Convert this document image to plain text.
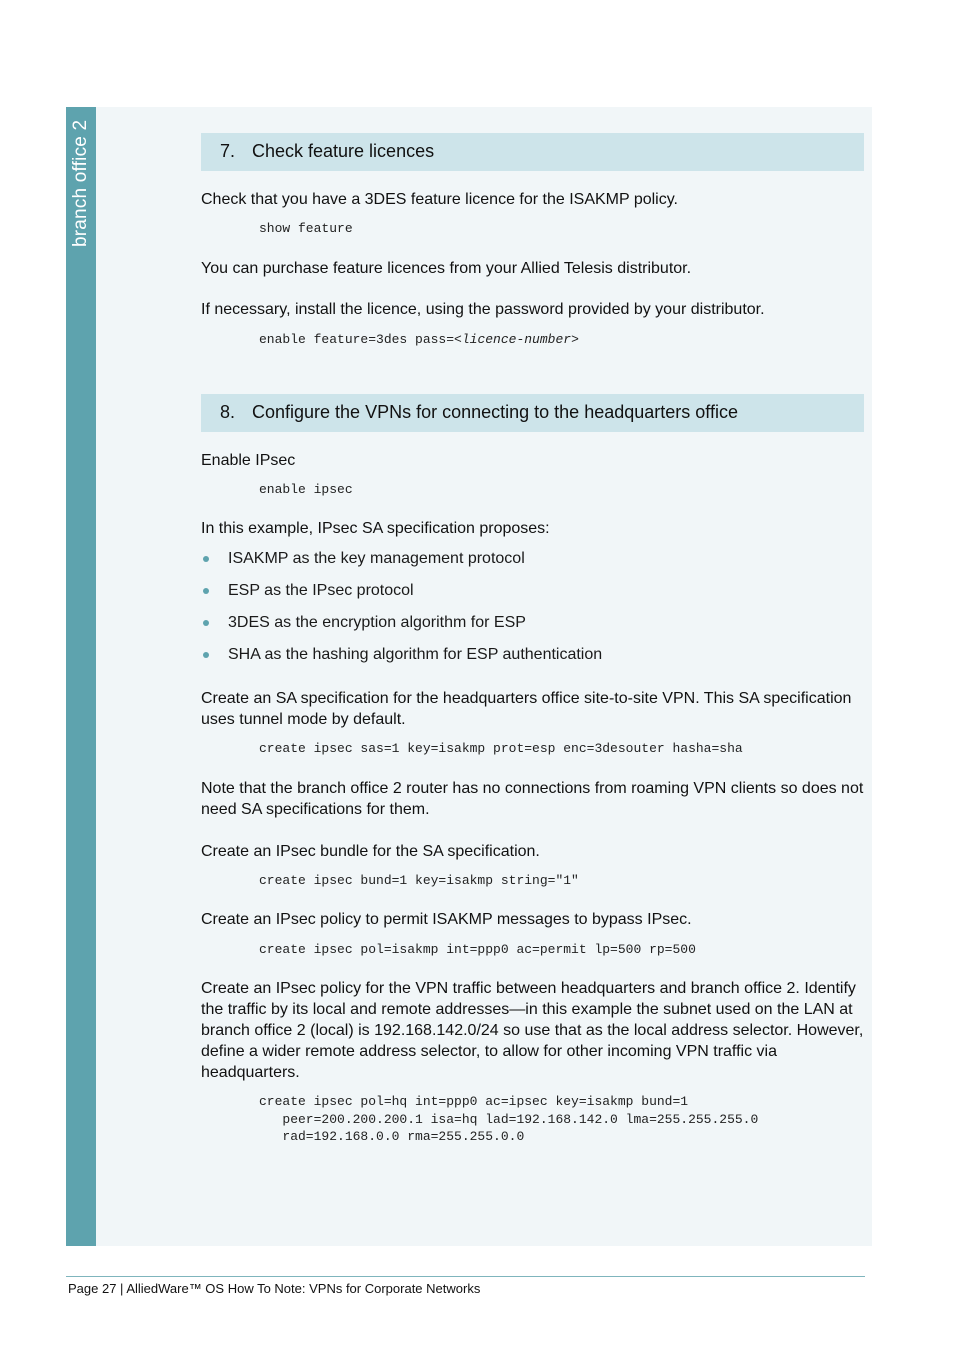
branch office 2	7. Check feature licences
Check that you have a 3DES feature licence for the ISAKMP policy.
show feature
You can purchase feature licences from your Allied Telesis distributor.
If necessary, install the licence, using the password provided by your distributor.
enable feature=3des pass=<licence-number>
8. Configure the VPNs for connecting to the headquarters office
Enable IPsec
enable ipsec
In this example, IPsec SA specification proposes:
ISAKMP as the key management protocol
ESP as the IPsec protocol
3DES as the encryption algorithm for ESP
SHA as the hashing algorithm for ESP authentication
Create an SA specification for the headquarters office site-to-site VPN. This SA specification uses tunnel mode by default.
create ipsec sas=1 key=isakmp prot=esp enc=3desouter hasha=sha
Note that the branch office 2 router has no connections from roaming VPN clients so does not need SA specifications for them.
Create an IPsec bundle for the SA specification.
create ipsec bund=1 key=isakmp string="1"
Create an IPsec policy to permit ISAKMP messages to bypass IPsec.
create ipsec pol=isakmp int=ppp0 ac=permit lp=500 rp=500
Create an IPsec policy for the VPN traffic between headquarters and branch office 2. Identify the traffic by its local and remote addresses—in this example the subnet used on the LAN at branch office 2 (local) is 192.168.142.0/24 so use that as the local address selector. However, define a wider remote address selector, to allow for other incoming VPN traffic via headquarters.
create ipsec pol=hq int=ppp0 ac=ipsec key=isakmp bund=1
peer=200.200.200.1 isa=hq lad=192.168.142.0 lma=255.255.255.0
rad=192.168.0.0 rma=255.255.0.0
Page 27 | AlliedWare™ OS How To Note: VPNs for Corporate Networks
